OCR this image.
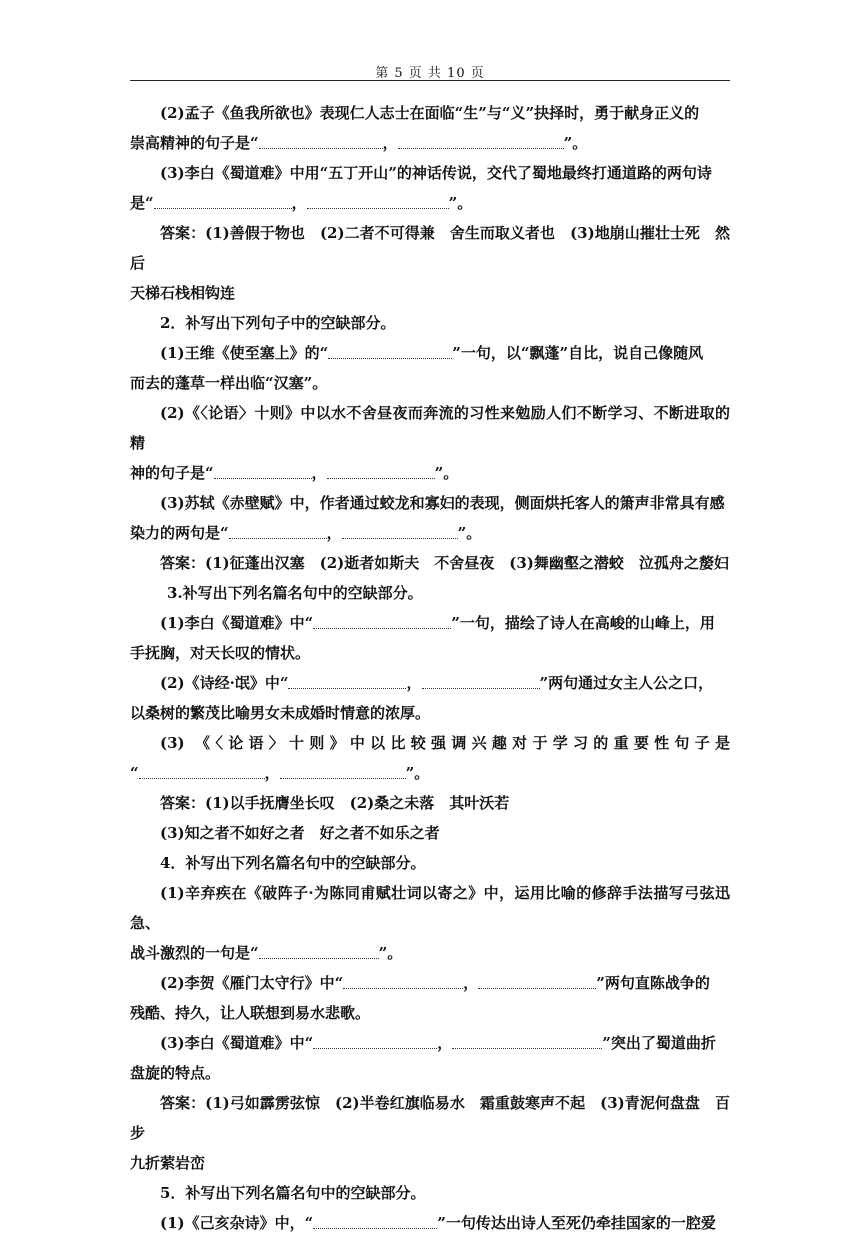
第 5 页 共 10 页

(2)孟子《鱼我所欲也》表现仁人志士在面临“生”与“义”抉择时，勇于献身正义的

崇高精神的句子是“	，	”。

(3)李白《蜀道难》中用“五丁开山”的神话传说，交代了蜀地最终打通道路的两句诗

是“	，	”。

答案：(1)善假于物也　(2)二者不可得兼　舍生而取义者也　(3)地崩山摧壮士死　然后

天梯石栈相钩连

2．补写出下列句子中的空缺部分。

(1)王维《使至塞上》的“	”一句，以“飘蓬”自比，说自己像随风

而去的蓬草一样出临“汉塞”。

(2)《〈论语〉十则》中以水不舍昼夜而奔流的习性来勉励人们不断学习、不断进取的精

神的句子是“	，	”。

(3)苏轼《赤壁赋》中，作者通过蛟龙和寡妇的表现，侧面烘托客人的箫声非常具有感

染力的两句是“	，	”。

答案：(1)征蓬出汉塞　(2)逝者如斯夫　不舍昼夜　(3)舞幽壑之潜蛟　泣孤舟之嫠妇

3.补写出下列名篇名句中的空缺部分。

(1)李白《蜀道难》中“	”一句，描绘了诗人在高峻的山峰上，用

手抚胸，对天长叹的情状。

(2)《诗经·氓》中“	，	”两句通过女主人公之口，

以桑树的繁茂比喻男女未成婚时情意的浓厚。

(3) 《〈论语〉十则》中以比较强调兴趣对于学习的重要性句子是

“	，	”。

答案：(1)以手抚膺坐长叹　(2)桑之未落　其叶沃若

(3)知之者不如好之者　好之者不如乐之者

4．补写出下列名篇名句中的空缺部分。

(1)辛弃疾在《破阵子·为陈同甫赋壮词以寄之》中，运用比喻的修辞手法描写弓弦迅急、

战斗激烈的一句是“	”。

(2)李贺《雁门太守行》中“	，	”两句直陈战争的

残酷、持久，让人联想到易水悲歌。

(3)李白《蜀道难》中“	，	”突出了蜀道曲折

盘旋的特点。

答案：(1)弓如霹雳弦惊　(2)半卷红旗临易水　霜重鼓寒声不起　(3)青泥何盘盘　百步

九折萦岩峦

5．补写出下列名篇名句中的空缺部分。

(1)《己亥杂诗》中，“	”一句传达出诗人至死仍牵挂国家的一腔爱
